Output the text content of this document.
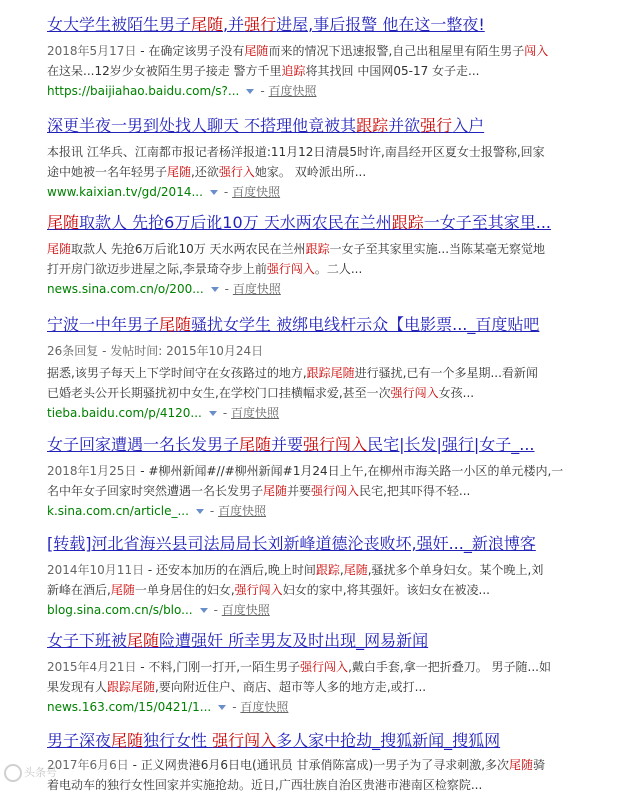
女大学生被陌生男子尾随,并强行进屋,事后报警 他在这一整夜!
2018年5月17日 - 在确定该男子没有尾随而来的情况下迅速报警,自己出租屋里有陌生男子闯入
在这呆...12岁少女被陌生男子接走 警方千里追踪将其找回 中国网05-17 女子走...
https://baijiahao.baidu.com/s?... - 百度快照
深更半夜一男到处找人聊天 不搭理他竟被其跟踪并欲强行入户
本报讯 江华兵、江南都市报记者杨洋报道:11月12日清晨5时许,南昌经开区夏女士报警称,回家
途中她被一名年轻男子尾随,还欲强行入她家。 双岭派出所...
www.kaixian.tv/gd/2014... - 百度快照
尾随取款人 先抢6万后讹10万 天水两农民在兰州跟踪一女子至其家里...
尾随取款人 先抢6万后讹10万 天水两农民在兰州跟踪一女子至其家里实施...当陈某毫无察觉地
打开房门欲迈步进屋之际,李景琦夺步上前强行闯入。二人...
news.sina.com.cn/o/200... - 百度快照
宁波一中年男子尾随骚扰女学生 被绑电线杆示众【电影票..._百度贴吧
26条回复 - 发帖时间: 2015年10月24日
据悉,该男子每天上下学时间守在女孩路过的地方,跟踪尾随进行骚扰,已有一个多星期...看新闻
已婚老头公开长期骚扰初中女生,在学校门口挂横幅求爱,甚至一次强行闯入女孩...
tieba.baidu.com/p/4120... - 百度快照
女子回家遭遇一名长发男子尾随并要强行闯入民宅|长发|强行|女子_...
2018年1月25日 - #柳州新闻#//#柳州新闻#1月24日上午,在柳州市海关路一小区的单元楼内,一
名中年女子回家时突然遭遇一名长发男子尾随并要强行闯入民宅,把其吓得不轻...
k.sina.com.cn/article_... - 百度快照
[转载]河北省海兴县司法局局长刘新峰道德沦丧败坏,强奸..._新浪博客
2014年10月11日 - 还安本加历的在酒后,晚上时间跟踪,尾随,骚扰多个单身妇女。某个晚上,刘
新峰在酒后,尾随一单身居住的妇女,强行闯入妇女的家中,将其强奸。该妇女在被凌...
blog.sina.com.cn/s/blo... - 百度快照
女子下班被尾随险遭强奸 所幸男友及时出现_网易新闻
2015年4月21日 - 不料,门刚一打开,一陌生男子强行闯入,戴白手套,拿一把折叠刀。 男子随...如
果发现有人跟踪尾随,要向附近住户、商店、超市等人多的地方走,或打...
news.163.com/15/0421/1... - 百度快照
男子深夜尾随独行女性 强行闯入多人家中抢劫_搜狐新闻_搜狐网
2017年6月6日 - 正义网贵港6月6日电(通讯员 甘承俏陈富成)一男子为了寻求刺激,多次尾随骑
着电动车的独行女性回家并实施抢劫。近日,广西壮族自治区贵港市港南区检察院...
头条号
